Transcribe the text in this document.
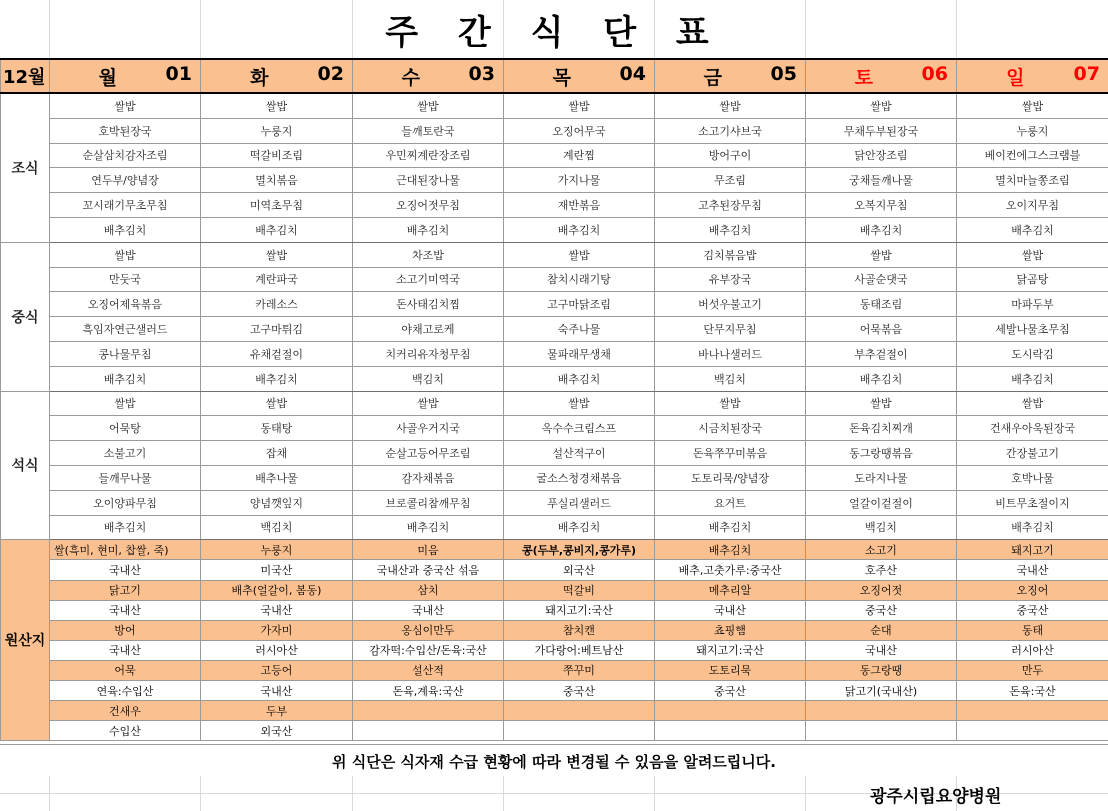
주 간 식 단 표
12월	월 01	화 02	수 03	목 04	금 05	토 06	일 07

조식	쌀밥	쌀밥	쌀밥	쌀밥	쌀밥	쌀밥	쌀밥
	호박된장국	누룽지	들깨토란국	오징어무국	소고기샤브국	무채두부된장국	누룽지
	순살삼치감자조림	떡갈비조림	우민찌계란장조림	계란찜	방어구이	닭안장조림	베이컨에그스크램블
	연두부/양념장	멸치볶음	근대된장나물	가지나물	무조림	궁채들깨나물	멸치마늘쫑조림
	꼬시래기무초무침	미역초무침	오징어젓무침	재반볶음	고추된장무침	오복지무침	오이지무침
	배추김치	배추김치	배추김치	배추김치	배추김치	배추김치	배추김치
중식	쌀밥	쌀밥	차조밥	쌀밥	김치볶음밥	쌀밥	쌀밥
	만둣국	계란파국	소고기미역국	참치시래기탕	유부장국	사골순댓국	닭곰탕
	오징어제육볶음	카레소스	돈사태김치찜	고구마닭조림	버섯우불고기	동태조림	마파두부
	흑임자연근샐러드	고구마튀김	야채고로케	숙주나물	단무지무침	어묵볶음	세발나물초무침
	콩나물무침	유채겉절이	치커리유자청무침	물파래무생채	바나나샐러드	부추겉절이	도시락김
	배추김치	배추김치	백김치	배추김치	백김치	배추김치	배추김치
석식	쌀밥	쌀밥	쌀밥	쌀밥	쌀밥	쌀밥	쌀밥
	어묵탕	동태탕	사골우거지국	옥수수크림스프	시금치된장국	돈육김치찌개	건새우아욱된장국
	소불고기	잡채	순살고등어무조림	설산적구이	돈육쭈꾸미볶음	동그랑땡볶음	간장불고기
	들깨무나물	배추나물	감자채볶음	굴소스청경채볶음	도토리묵/양념장	도라지나물	호박나물
	오이양파무침	양념깻잎지	브로콜리참깨무침	푸실리샐러드	요거트	얼갈이겉절이	비트무초절이지
	배추김치	백김치	배추김치	배추김치	배추김치	백김치	배추김치
원산지	쌀(흑미, 현미, 찹쌀, 죽)	누룽지	미음	콩(두부,콩비지,콩가루)	배추김치	소고기	돼지고기
	국내산	미국산	국내산과 중국산 섞음	외국산	배추,고춧가루:중국산	호주산	국내산
	닭고기	배추(얼갈이, 봄동)	삼치	떡갈비	메추리알	오징어젓	오징어
	국내산	국내산	국내산	돼지고기:국산	국내산	중국산	중국산
	방어	가자미	옹심이만두	참치캔	쵸핑햄	순대	동태
	국내산	러시아산	감자떡:수입산/돈육:국산	가다랑어:베트남산	돼지고기:국산	국내산	러시아산
	어묵	고등어	설산적	쭈꾸미	도토리묵	동그랑땡	만두
	연육:수입산	국내산	돈육,계육:국산	중국산	중국산	닭고기(국내산)	돈육:국산
	건새우	두부					
	수입산	외국산					
위 식단은 식자재 수급 현황에 따라 변경될 수 있음을 알려드립니다.
광주시립요양병원
